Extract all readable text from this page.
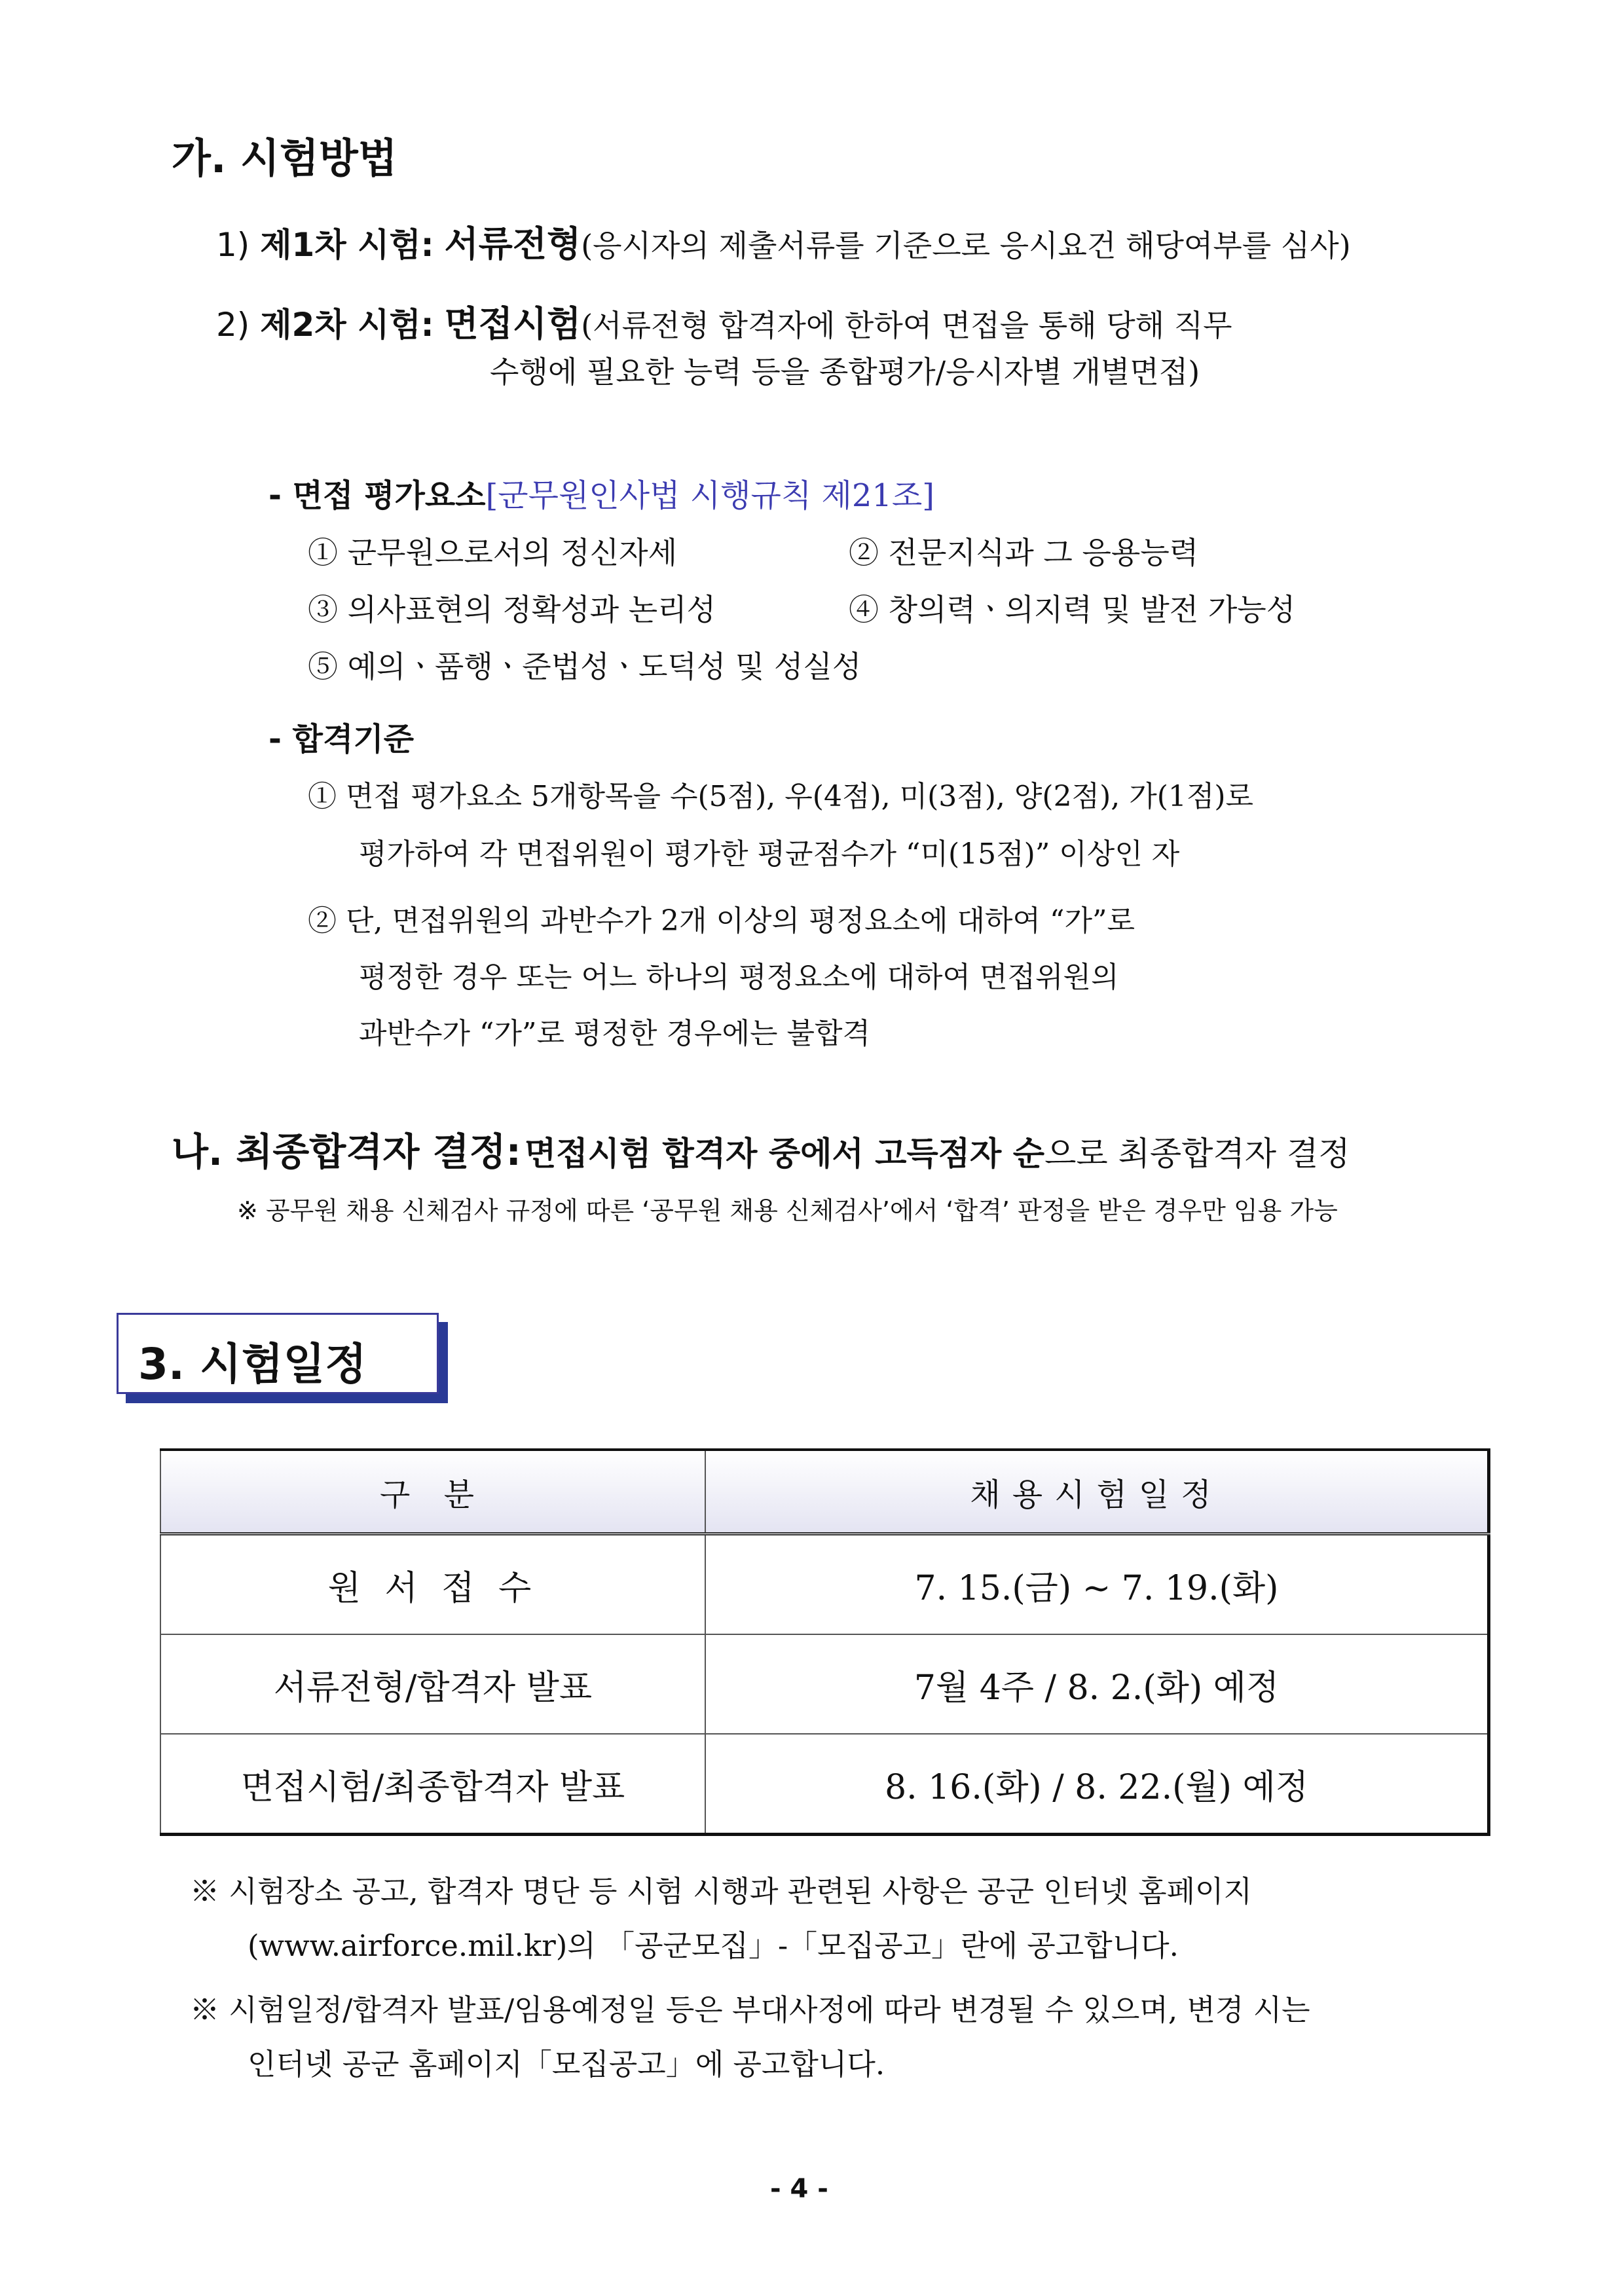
가. 시험방법
1) 제1차 시험: 서류전형(응시자의 제출서류를 기준으로 응시요건 해당여부를 심사)
2) 제2차 시험: 면접시험(서류전형 합격자에 한하여 면접을 통해 당해 직무
수행에 필요한 능력 등을 종합평가/응시자별 개별면접)
- 면접 평가요소[군무원인사법 시행규칙 제21조]
① 군무원으로서의 정신자세	② 전문지식과 그 응용능력
③ 의사표현의 정확성과 논리성	④ 창의력ㆍ의지력 및 발전 가능성
⑤ 예의ㆍ품행ㆍ준법성ㆍ도덕성 및 성실성
- 합격기준
① 면접 평가요소 5개항목을 수(5점), 우(4점), 미(3점), 양(2점), 가(1점)로
평가하여 각 면접위원이 평가한 평균점수가 “미(15점)” 이상인 자
② 단, 면접위원의 과반수가 2개 이상의 평정요소에 대하여 “가”로
평정한 경우 또는 어느 하나의 평정요소에 대하여 면접위원의
과반수가 “가”로 평정한 경우에는 불합격
나. 최종합격자 결정: 면접시험 합격자 중에서 고득점자 순으로 최종합격자 결정
※ 공무원 채용 신체검사 규정에 따른 ‘공무원 채용 신체검사’에서 ‘합격’ 판정을 받은 경우만 임용 가능
3. 시험일정
구 분	채용시험일정
원 서 접 수	7. 15.(금) ~ 7. 19.(화)
서류전형/합격자 발표	7월 4주 / 8. 2.(화) 예정
면접시험/최종합격자 발표	8. 16.(화) / 8. 22.(월) 예정
※ 시험장소 공고, 합격자 명단 등 시험 시행과 관련된 사항은 공군 인터넷 홈페이지
(www.airforce.mil.kr)의 「공군모집」-「모집공고」란에 공고합니다.
※ 시험일정/합격자 발표/임용예정일 등은 부대사정에 따라 변경될 수 있으며, 변경 시는
인터넷 공군 홈페이지「모집공고」에 공고합니다.
- 4 -
